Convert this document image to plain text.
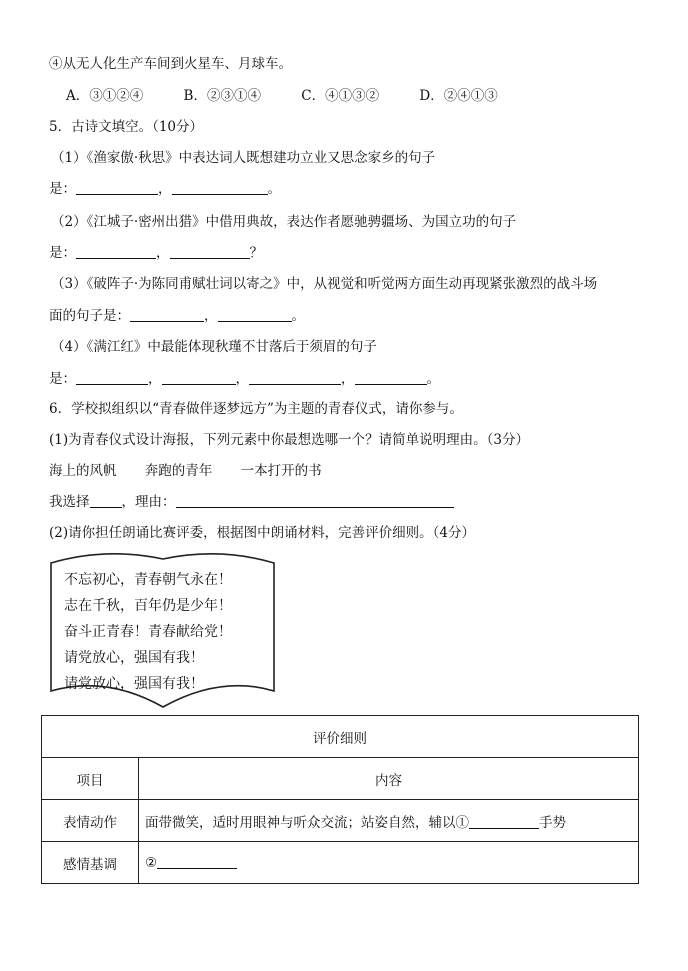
④从无人化生产车间到火星车、月球车。
A．③①②④	B．②③①④	C．④①③②	D．②④①③
5．古诗文填空。（10分）
（1）《渔家傲·秋思》中表达词人既想建功立业又思念家乡的句子
是：	，	。
（2）《江城子·密州出猎》中借用典故，表达作者愿驰骋疆场、为国立功的句子
是：	，	？
（3）《破阵子·为陈同甫赋壮词以寄之》中，从视觉和听觉两方面生动再现紧张激烈的战斗场
面的句子是：	，	。
（4）《满江红》中最能体现秋瑾不甘落后于须眉的句子
是：	，	，	，	。
6．学校拟组织以“青春做伴逐梦远方”为主题的青春仪式，请你参与。
(1)为青春仪式设计海报，下列元素中你最想选哪一个？请简单说明理由。（3分）
海上的风帆 奔跑的青年 一本打开的书
我选择 ，理由：
(2)请你担任朗诵比赛评委，根据图中朗诵材料，完善评价细则。（4分）
不忘初心，青春朝气永在！
志在千秋，百年仍是少年！
奋斗正青春！青春献给党！
请党放心，强国有我！
请党放心，强国有我！
评价细则	
项目	内容
表情动作	面带微笑，适时用眼神与听众交流；站姿自然，辅以① 手势
感情基调	②
